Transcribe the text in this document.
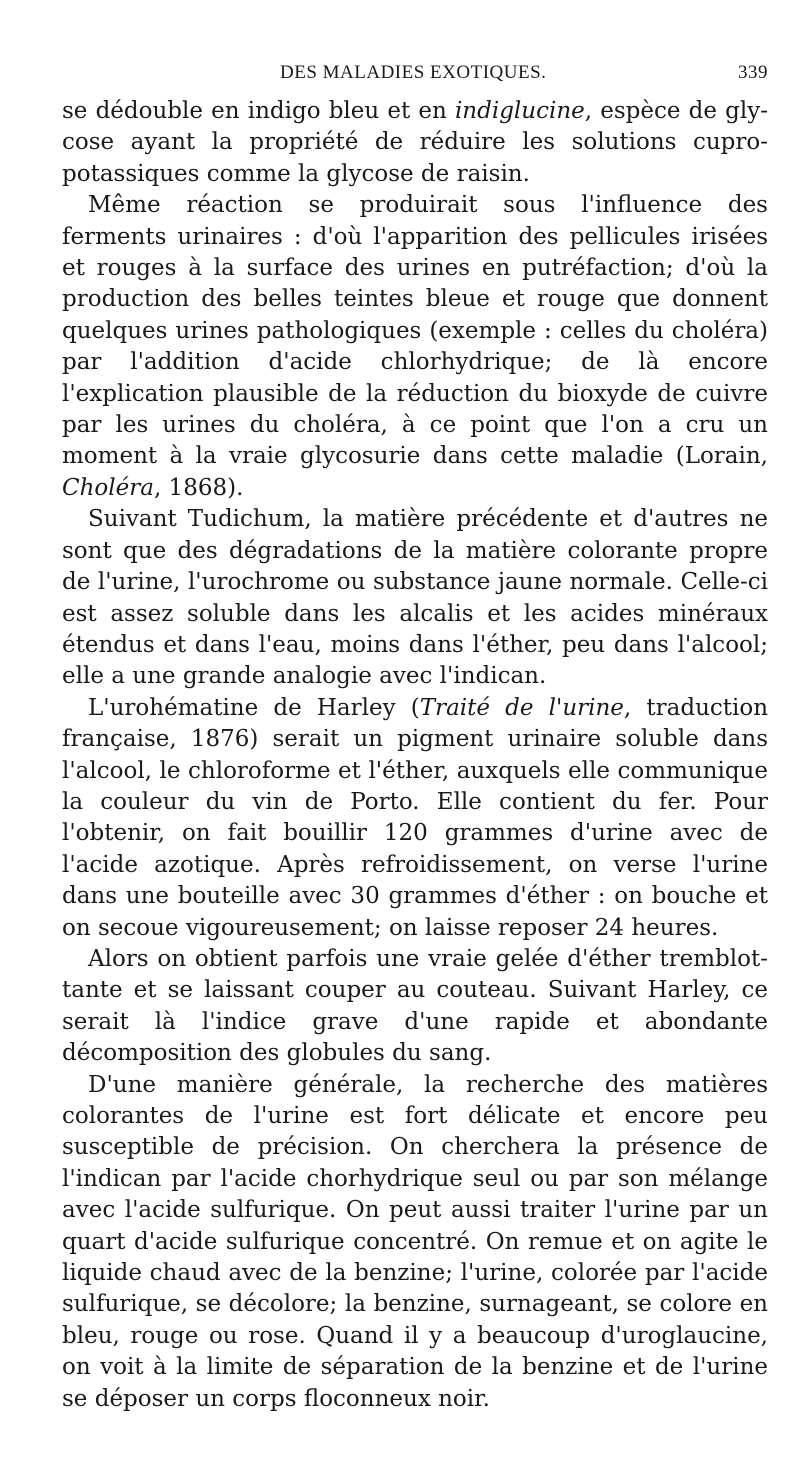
DES MALADIES EXOTIQUES.	339

se dédouble en indigo bleu et en indiglucine, espèce de glycose ayant la propriété de réduire les solutions cupro-potassiques comme la glycose de raisin.

Même réaction se produirait sous l'influence des ferments urinaires : d'où l'apparition des pellicules irisées et rouges à la surface des urines en putréfaction; d'où la production des belles teintes bleue et rouge que donnent quelques urines pathologiques (exemple : celles du choléra) par l'addition d'acide chlorhydrique; de là encore l'explication plausible de la réduction du bioxyde de cuivre par les urines du choléra, à ce point que l'on a cru un moment à la vraie glycosurie dans cette maladie (Lorain, Choléra, 1868).

Suivant Tudichum, la matière précédente et d'autres ne sont que des dégradations de la matière colorante propre de l'urine, l'urochrome ou substance jaune normale. Celle-ci est assez soluble dans les alcalis et les acides minéraux étendus et dans l'eau, moins dans l'éther, peu dans l'alcool; elle a une grande analogie avec l'indican.

L'urohématine de Harley (Traité de l'urine, traduction française, 1876) serait un pigment urinaire soluble dans l'alcool, le chloroforme et l'éther, auxquels elle communique la couleur du vin de Porto. Elle contient du fer. Pour l'obtenir, on fait bouillir 120 grammes d'urine avec de l'acide azotique. Après refroidissement, on verse l'urine dans une bouteille avec 30 grammes d'éther : on bouche et on secoue vigoureusement; on laisse reposer 24 heures.

Alors on obtient parfois une vraie gelée d'éther tremblottante et se laissant couper au couteau. Suivant Harley, ce serait là l'indice grave d'une rapide et abondante décomposition des globules du sang.

D'une manière générale, la recherche des matières colorantes de l'urine est fort délicate et encore peu susceptible de précision. On cherchera la présence de l'indican par l'acide chorhydrique seul ou par son mélange avec l'acide sulfurique. On peut aussi traiter l'urine par un quart d'acide sulfurique concentré. On remue et on agite le liquide chaud avec de la benzine; l'urine, colorée par l'acide sulfurique, se décolore; la benzine, surnageant, se colore en bleu, rouge ou rose. Quand il y a beaucoup d'uroglaucine, on voit à la limite de séparation de la benzine et de l'urine se déposer un corps floconneux noir.
